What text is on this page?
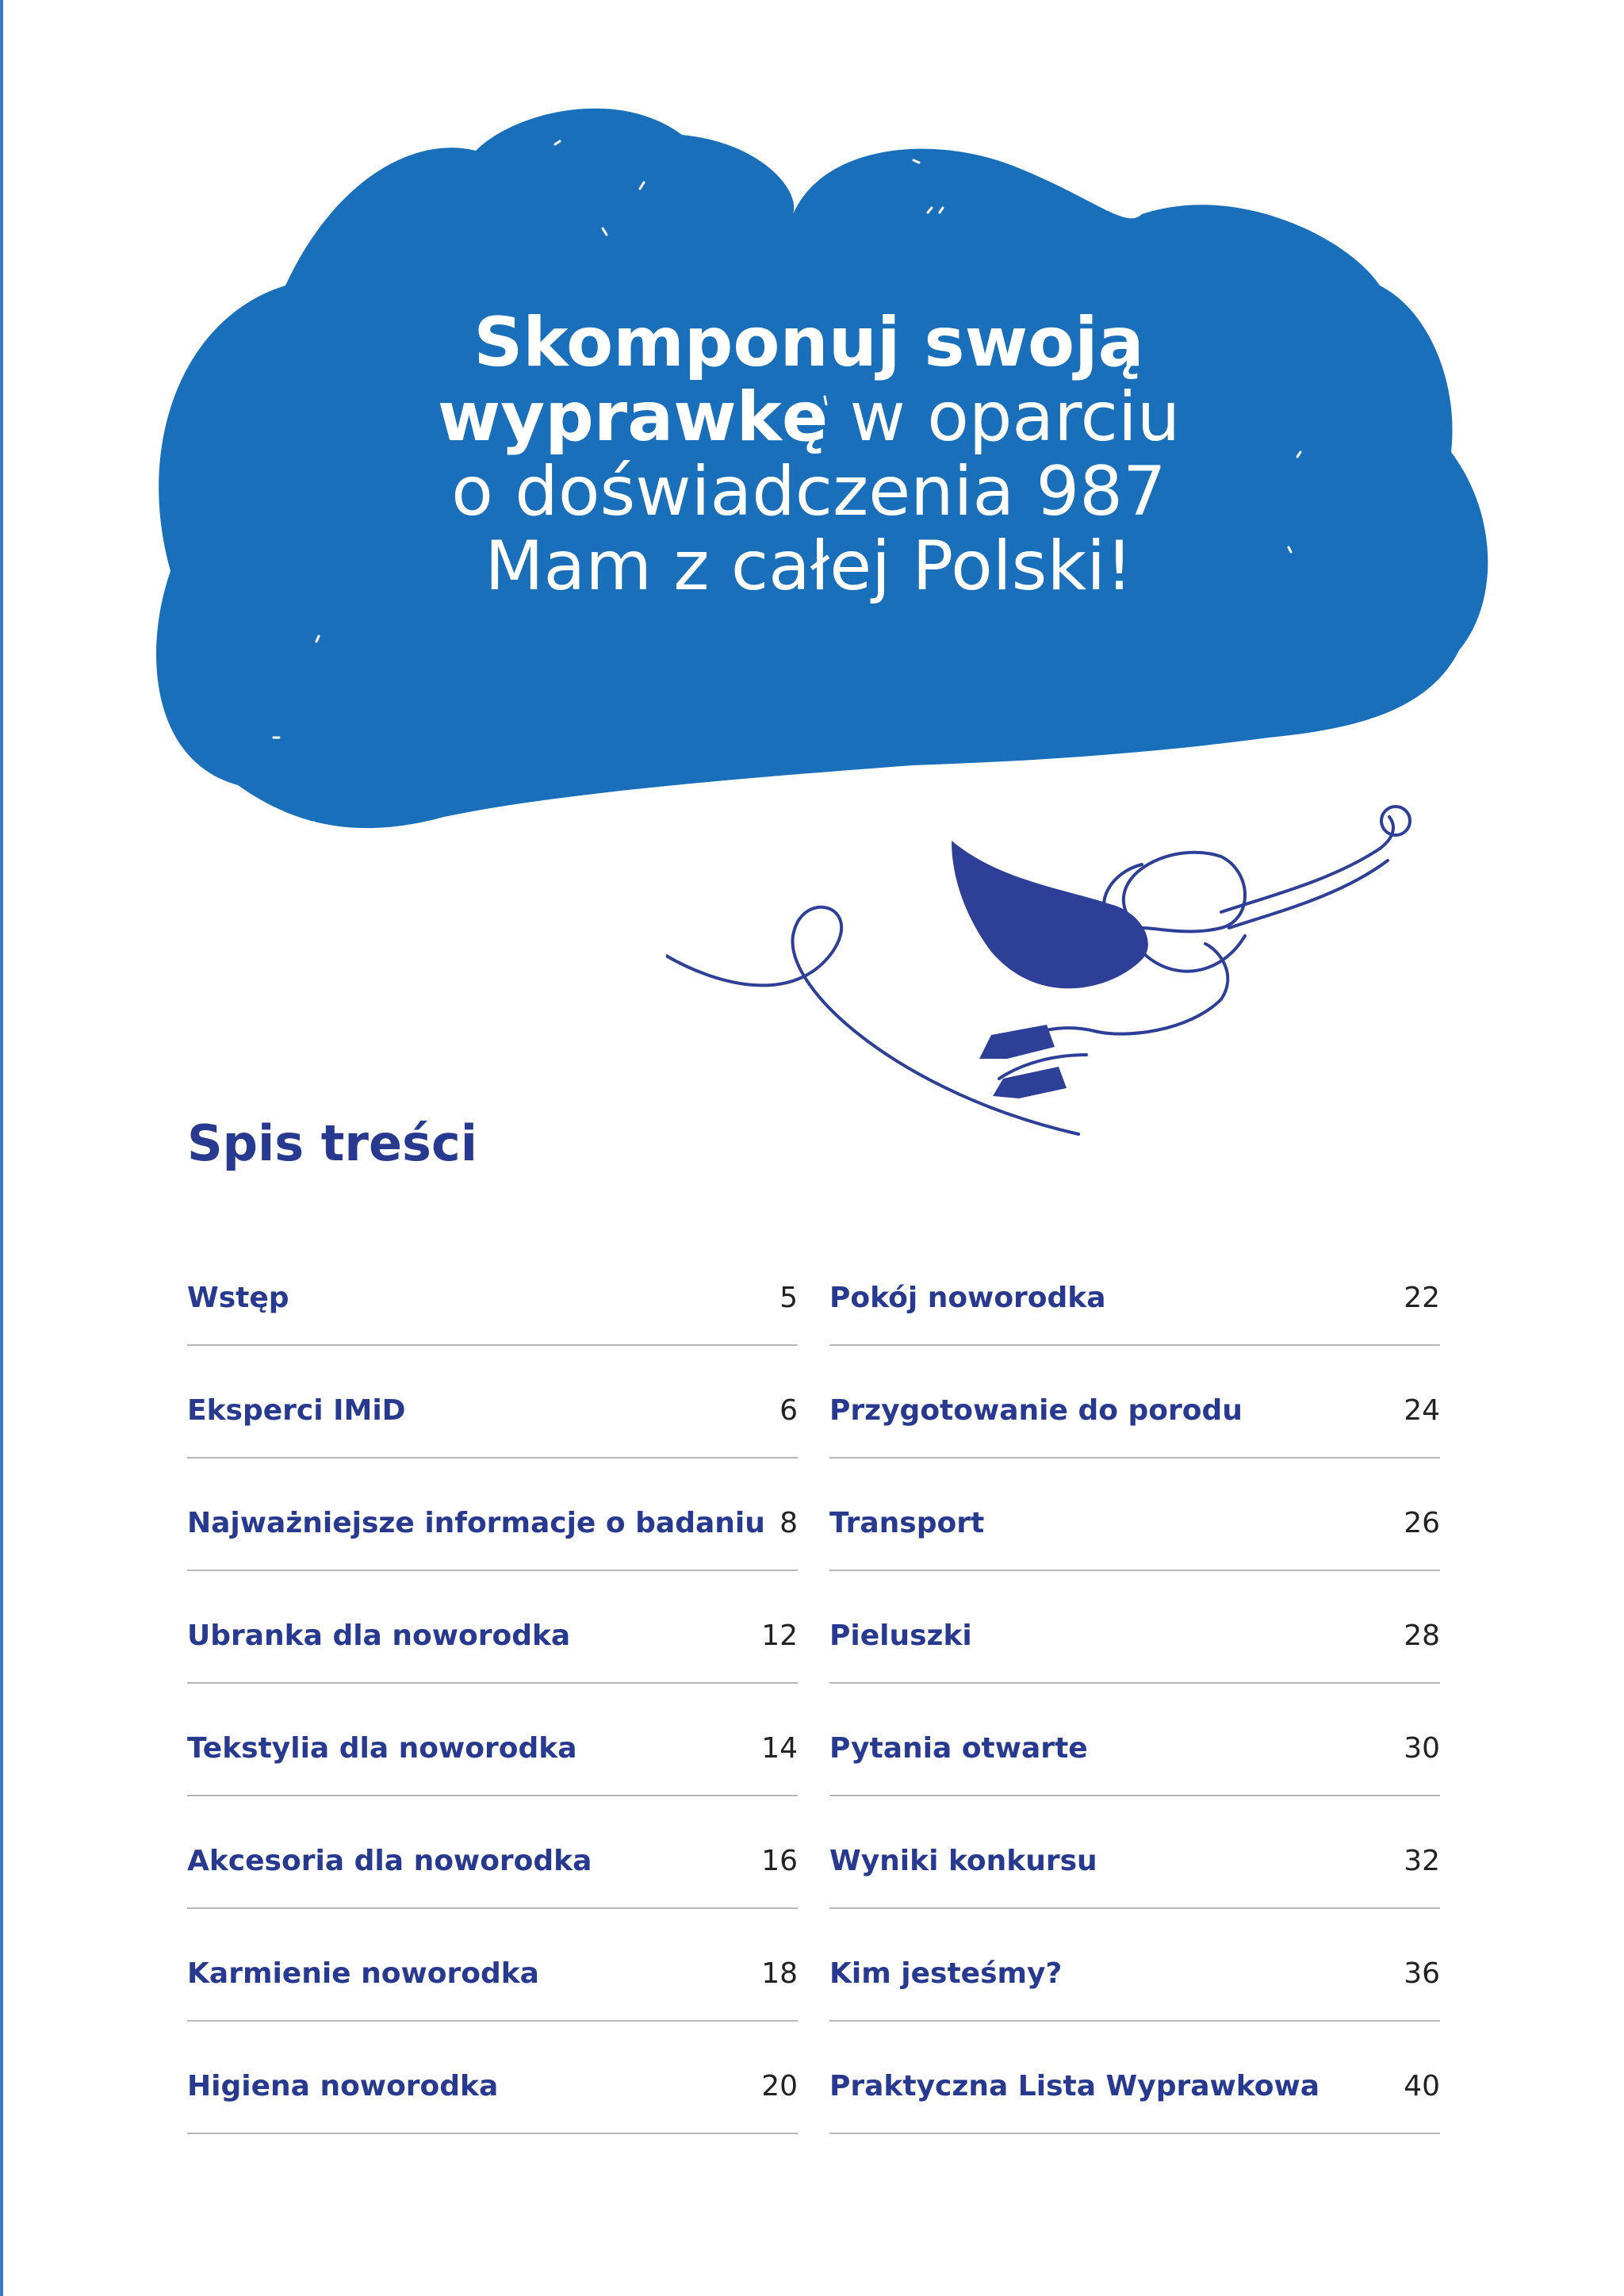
Skomponuj swoją
wyprawkę w oparciu
o doświadczenia 987
Mam z całej Polski!
Spis treści
Wstęp	5
Eksperci IMiD	6
Najważniejsze informacje o badaniu 8
Ubranka dla noworodka	12
Tekstylia dla noworodka	14
Akcesoria dla noworodka	16
Karmienie noworodka	18
Higiena noworodka	20
Pokój noworodka	22
Przygotowanie do porodu	24
Transport	26
Pieluszki	28
Pytania otwarte	30
Wyniki konkursu	32
Kim jesteśmy?	36
Praktyczna Lista Wyprawkowa	40
